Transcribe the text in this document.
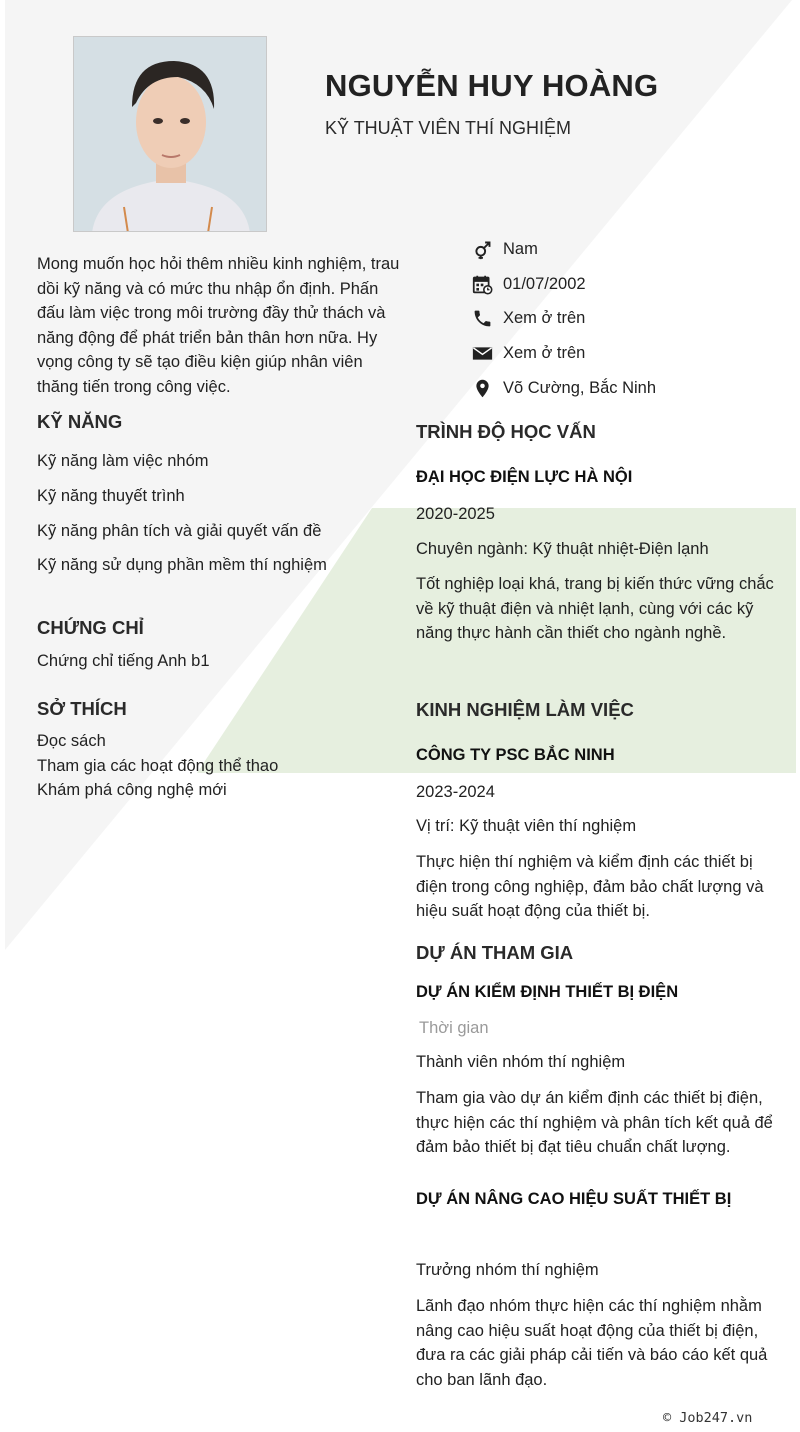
NGUYỄN HUY HOÀNG
KỸ THUẬT VIÊN THÍ NGHIỆM
Mong muốn học hỏi thêm nhiều kinh nghiệm, trau dồi kỹ năng và có mức thu nhập ổn định. Phấn đấu làm việc trong môi trường đầy thử thách và năng động để phát triển bản thân hơn nữa. Hy vọng công ty sẽ tạo điều kiện giúp nhân viên thăng tiến trong công việc.
Nam
01/07/2002
Xem ở trên
Xem ở trên
Võ Cường, Bắc Ninh
KỸ NĂNG
Kỹ năng làm việc nhóm
Kỹ năng thuyết trình
Kỹ năng phân tích và giải quyết vấn đề
Kỹ năng sử dụng phần mềm thí nghiệm
CHỨNG CHỈ
Chứng chỉ tiếng Anh b1
SỞ THÍCH
Đọc sách
Tham gia các hoạt động thể thao
Khám phá công nghệ mới
TRÌNH ĐỘ HỌC VẤN
ĐẠI HỌC ĐIỆN LỰC HÀ NỘI
2020-2025
Chuyên ngành: Kỹ thuật nhiệt-Điện lạnh
Tốt nghiệp loại khá, trang bị kiến thức vững chắc về kỹ thuật điện và nhiệt lạnh, cùng với các kỹ năng thực hành cần thiết cho ngành nghề.
KINH NGHIỆM LÀM VIỆC
CÔNG TY PSC BẮC NINH
2023-2024
Vị trí: Kỹ thuật viên thí nghiệm
Thực hiện thí nghiệm và kiểm định các thiết bị điện trong công nghiệp, đảm bảo chất lượng và hiệu suất hoạt động của thiết bị.
DỰ ÁN THAM GIA
DỰ ÁN KIỂM ĐỊNH THIẾT BỊ ĐIỆN
Thời gian
Thành viên nhóm thí nghiệm
Tham gia vào dự án kiểm định các thiết bị điện, thực hiện các thí nghiệm và phân tích kết quả để đảm bảo thiết bị đạt tiêu chuẩn chất lượng.
DỰ ÁN NÂNG CAO HIỆU SUẤT THIẾT BỊ
Trưởng nhóm thí nghiệm
Lãnh đạo nhóm thực hiện các thí nghiệm nhằm nâng cao hiệu suất hoạt động của thiết bị điện, đưa ra các giải pháp cải tiến và báo cáo kết quả cho ban lãnh đạo.
© Job247.vn
